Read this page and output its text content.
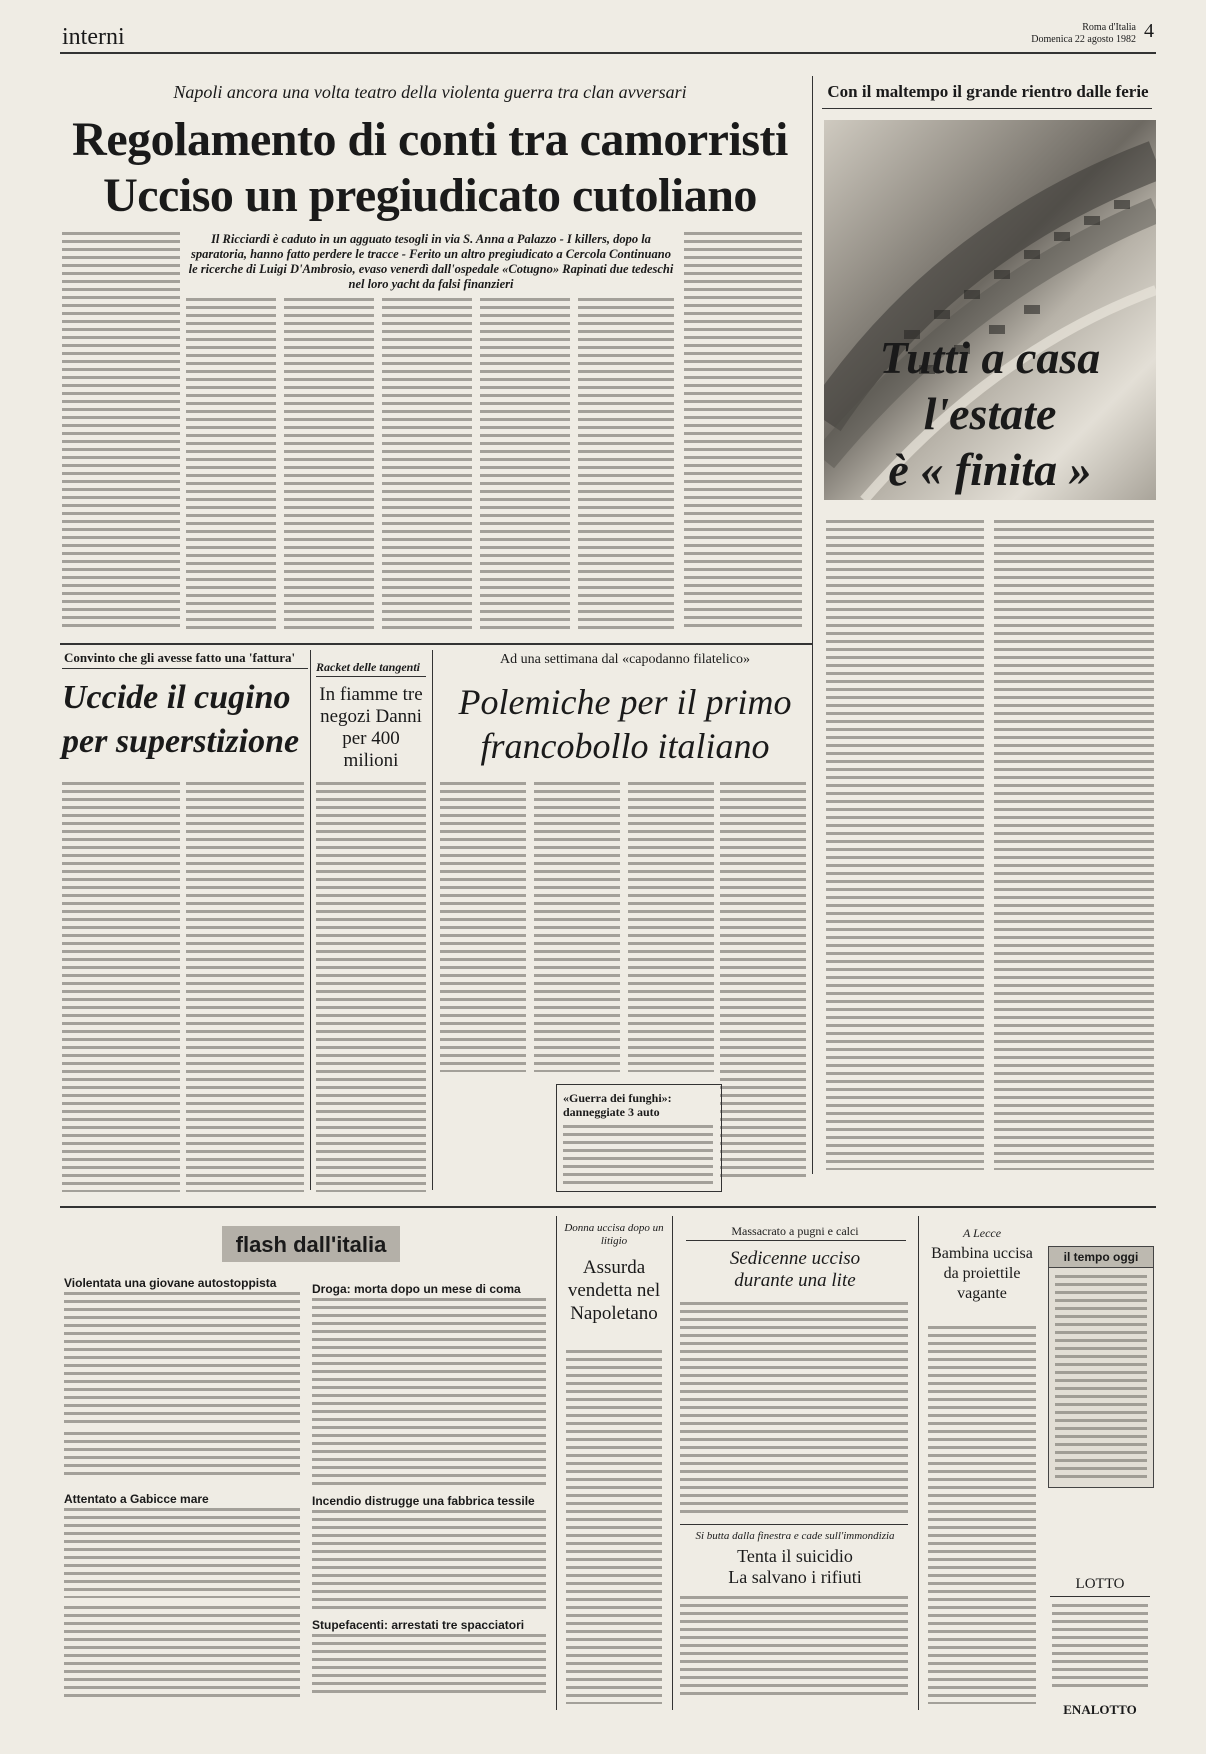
interni	Roma d'Italia
Domenica 22 agosto 1982 4
Napoli ancora una volta teatro della violenta guerra tra clan avversari
Regolamento di conti tra camorristi
Ucciso un pregiudicato cutoliano
Il Ricciardi è caduto in un agguato tesogli in via S. Anna a Palazzo - I killers, dopo la sparatoria, hanno fatto perdere le tracce - Ferito un altro pregiudicato a Cercola Continuano le ricerche di Luigi D'Ambrosio, evaso venerdì dall'ospedale «Cotugno» Rapinati due tedeschi nel loro yacht da falsi finanzieri
Con il maltempo il grande rientro dalle ferie
Tutti a casa
l'estate
è « finita »
Convinto che gli avesse fatto una 'fattura'
Uccide il cugino
per superstizione
Racket delle tangenti
In fiamme tre negozi Danni per 400 milioni
Ad una settimana dal «capodanno filatelico»
Polemiche per il primo
francobollo italiano
«Guerra dei funghi»: danneggiate 3 auto
flash dall'italia
Violentata una giovane autostoppista
Attentato a Gabicce mare
Droga: morta dopo un mese di coma
Incendio distrugge una fabbrica tessile
Stupefacenti: arrestati tre spacciatori
Donna uccisa dopo un litigio
Assurda vendetta nel Napoletano
Massacrato a pugni e calci
Sedicenne ucciso
durante una lite
Si butta dalla finestra e cade sull'immondizia
Tenta il suicidio
La salvano i rifiuti
A Lecce
Bambina uccisa da proiettile vagante
il tempo oggi
LOTTO
ENALOTTO
